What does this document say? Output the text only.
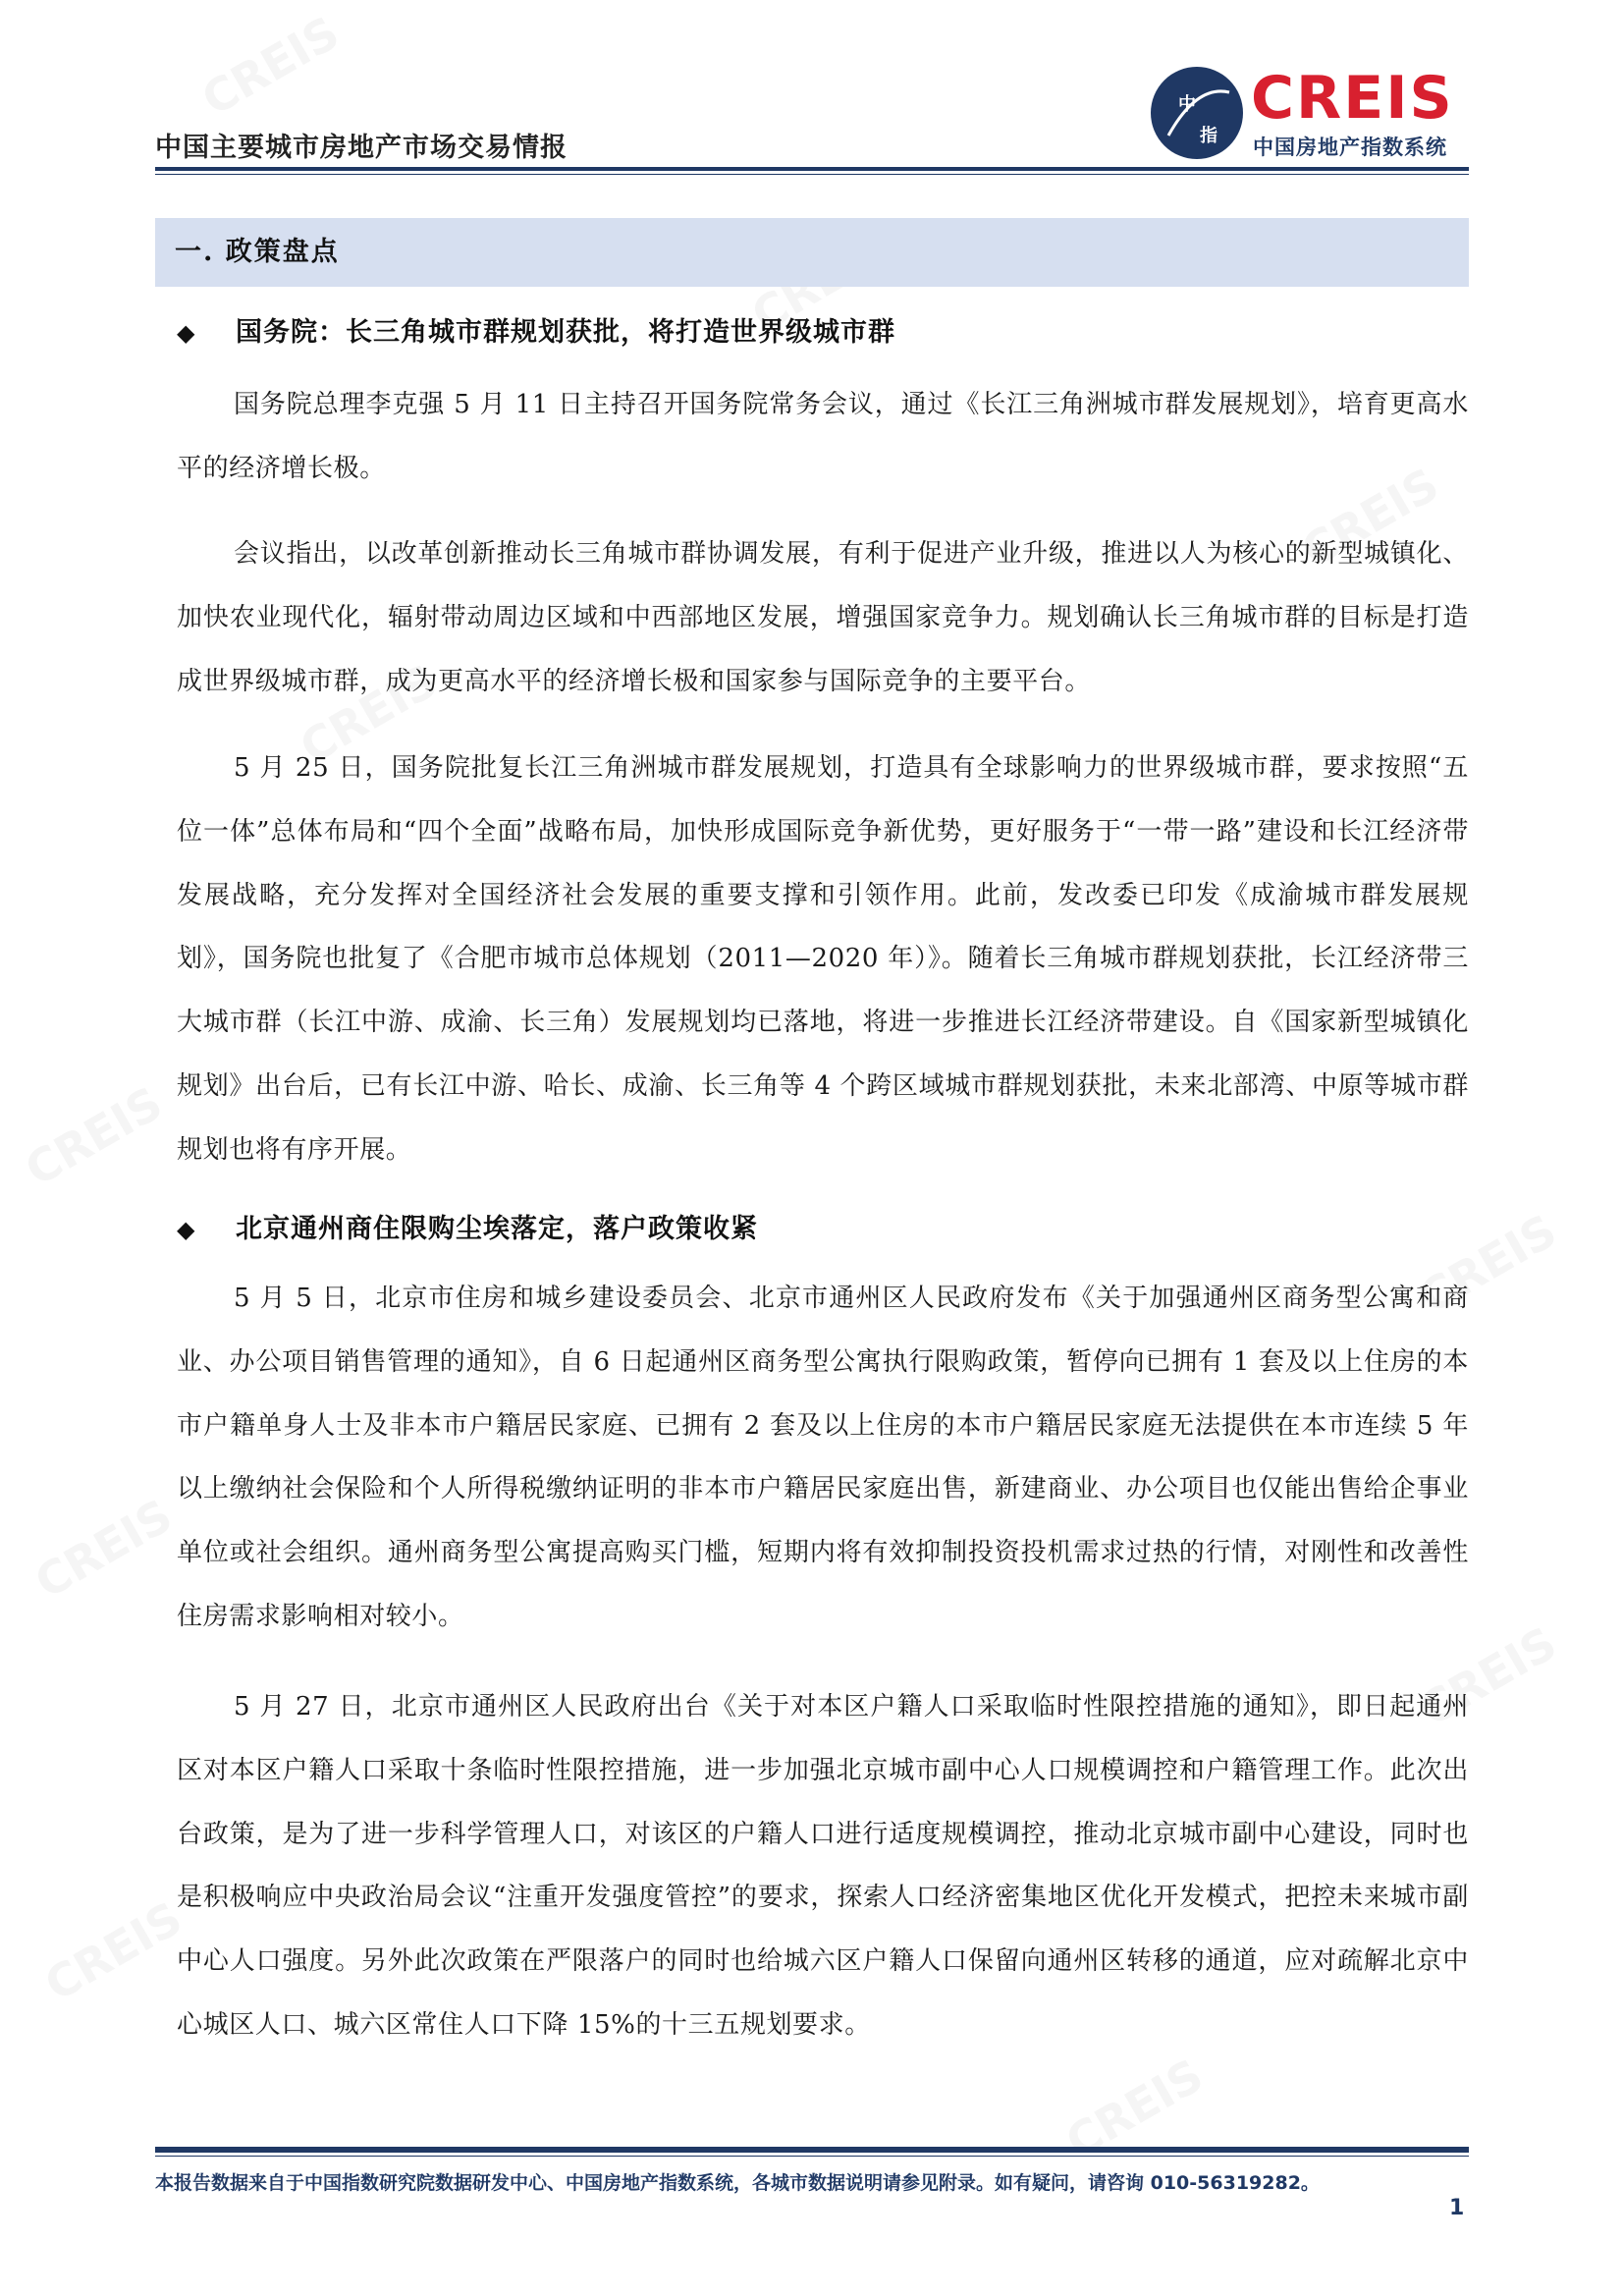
CREIS
CREIS
CREIS
CREIS
CREIS
CREIS
CREIS
CREIS
CREIS
中国主要城市房地产市场交易情报
中
指
CREIS
中国房地产指数系统
一. 政策盘点
◆ 国务院：长三角城市群规划获批，将打造世界级城市群

国务院总理李克强 5 月 11 日主持召开国务院常务会议，通过《长江三角洲城市群发展规划》，培育更高水平的经济增长极。

会议指出，以改革创新推动长三角城市群协调发展，有利于促进产业升级，推进以人为核心的新型城镇化、加快农业现代化，辐射带动周边区域和中西部地区发展，增强国家竞争力。规划确认长三角城市群的目标是打造成世界级城市群，成为更高水平的经济增长极和国家参与国际竞争的主要平台。

5 月 25 日，国务院批复长江三角洲城市群发展规划，打造具有全球影响力的世界级城市群，要求按照“五位一体”总体布局和“四个全面”战略布局，加快形成国际竞争新优势，更好服务于“一带一路”建设和长江经济带发展战略，充分发挥对全国经济社会发展的重要支撑和引领作用。此前，发改委已印发《成渝城市群发展规划》，国务院也批复了《合肥市城市总体规划（2011—2020 年）》。随着长三角城市群规划获批，长江经济带三大城市群（长江中游、成渝、长三角）发展规划均已落地，将进一步推进长江经济带建设。自《国家新型城镇化规划》出台后，已有长江中游、哈长、成渝、长三角等 4 个跨区域城市群规划获批，未来北部湾、中原等城市群规划也将有序开展。

◆ 北京通州商住限购尘埃落定，落户政策收紧

5 月 5 日，北京市住房和城乡建设委员会、北京市通州区人民政府发布《关于加强通州区商务型公寓和商业、办公项目销售管理的通知》，自 6 日起通州区商务型公寓执行限购政策，暂停向已拥有 1 套及以上住房的本市户籍单身人士及非本市户籍居民家庭、已拥有 2 套及以上住房的本市户籍居民家庭无法提供在本市连续 5 年以上缴纳社会保险和个人所得税缴纳证明的非本市户籍居民家庭出售，新建商业、办公项目也仅能出售给企事业单位或社会组织。通州商务型公寓提高购买门槛，短期内将有效抑制投资投机需求过热的行情，对刚性和改善性住房需求影响相对较小。

5 月 27 日，北京市通州区人民政府出台《关于对本区户籍人口采取临时性限控措施的通知》，即日起通州区对本区户籍人口采取十条临时性限控措施，进一步加强北京城市副中心人口规模调控和户籍管理工作。此次出台政策，是为了进一步科学管理人口，对该区的户籍人口进行适度规模调控，推动北京城市副中心建设，同时也是积极响应中央政治局会议“注重开发强度管控”的要求，探索人口经济密集地区优化开发模式，把控未来城市副中心人口强度。另外此次政策在严限落户的同时也给城六区户籍人口保留向通州区转移的通道，应对疏解北京中心城区人口、城六区常住人口下降 15%的十三五规划要求。

本报告数据来自于中国指数研究院数据研发中心、中国房地产指数系统，各城市数据说明请参见附录。如有疑问，请咨询 010-56319282。
1
